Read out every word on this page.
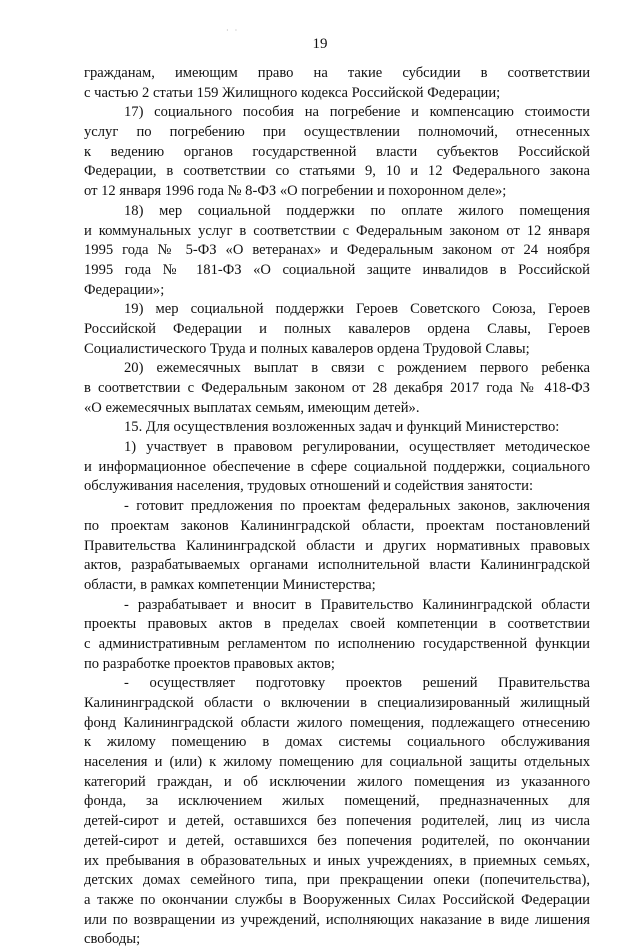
· ·
19
гражданам, имеющим право на такие субсидии в соответствии
с частью 2 статьи 159 Жилищного кодекса Российской Федерации;
17) социального пособия на погребение и компенсацию стоимости
услуг по погребению при осуществлении полномочий, отнесенных
к ведению органов государственной власти субъектов Российской
Федерации, в соответствии со статьями 9, 10 и 12 Федерального закона
от 12 января 1996 года № 8-ФЗ «О погребении и похоронном деле»;
18) мер социальной поддержки по оплате жилого помещения
и коммунальных услуг в соответствии с Федеральным законом от 12 января
1995 года № 5-ФЗ «О ветеранах» и Федеральным законом от 24 ноября
1995 года № 181-ФЗ «О социальной защите инвалидов в Российской
Федерации»;
19) мер социальной поддержки Героев Советского Союза, Героев
Российской Федерации и полных кавалеров ордена Славы, Героев
Социалистического Труда и полных кавалеров ордена Трудовой Славы;
20) ежемесячных выплат в связи с рождением первого ребенка
в соответствии с Федеральным законом от 28 декабря 2017 года № 418-ФЗ
«О ежемесячных выплатах семьям, имеющим детей».
15. Для осуществления возложенных задач и функций Министерство:
1) участвует в правовом регулировании, осуществляет методическое
и информационное обеспечение в сфере социальной поддержки, социального
обслуживания населения, трудовых отношений и содействия занятости:
- готовит предложения по проектам федеральных законов, заключения
по проектам законов Калининградской области, проектам постановлений
Правительства Калининградской области и других нормативных правовых
актов, разрабатываемых органами исполнительной власти Калининградской
области, в рамках компетенции Министерства;
- разрабатывает и вносит в Правительство Калининградской области
проекты правовых актов в пределах своей компетенции в соответствии
с административным регламентом по исполнению государственной функции
по разработке проектов правовых актов;
- осуществляет подготовку проектов решений Правительства
Калининградской области о включении в специализированный жилищный
фонд Калининградской области жилого помещения, подлежащего отнесению
к жилому помещению в домах системы социального обслуживания
населения и (или) к жилому помещению для социальной защиты отдельных
категорий граждан, и об исключении жилого помещения из указанного
фонда, за исключением жилых помещений, предназначенных для
детей-сирот и детей, оставшихся без попечения родителей, лиц из числа
детей-сирот и детей, оставшихся без попечения родителей, по окончании
их пребывания в образовательных и иных учреждениях, в приемных семьях,
детских домах семейного типа, при прекращении опеки (попечительства),
а также по окончании службы в Вооруженных Силах Российской Федерации
или по возвращении из учреждений, исполняющих наказание в виде лишения
свободы;
